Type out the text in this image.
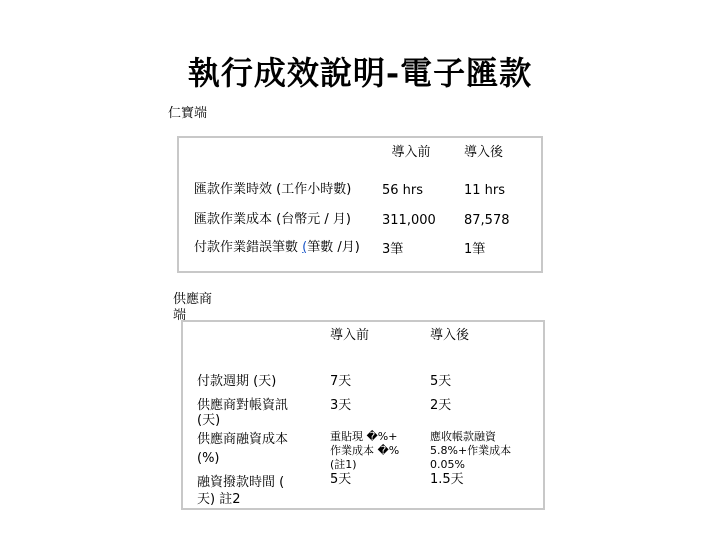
執行成效說明-電子匯款
仁寶端
	導入前	導入後
匯款作業時效 (工作小時數)	56 hrs	11 hrs
匯款作業成本 (台幣元 / 月)	311,000	87,578
付款作業錯誤筆數 (筆數 /月)	3筆	1筆
供應商端
	導入前	導入後
付款週期 (天)	7天	5天
供應商對帳資訊 (天)	3天	2天
供應商融資成本 (%)	重貼現 �%+ 作業成本 �% (註1)	應收帳款融資 5.8%+作業成本0.05%
融資撥款時間 ( 天) 註2	5天	1.5天
